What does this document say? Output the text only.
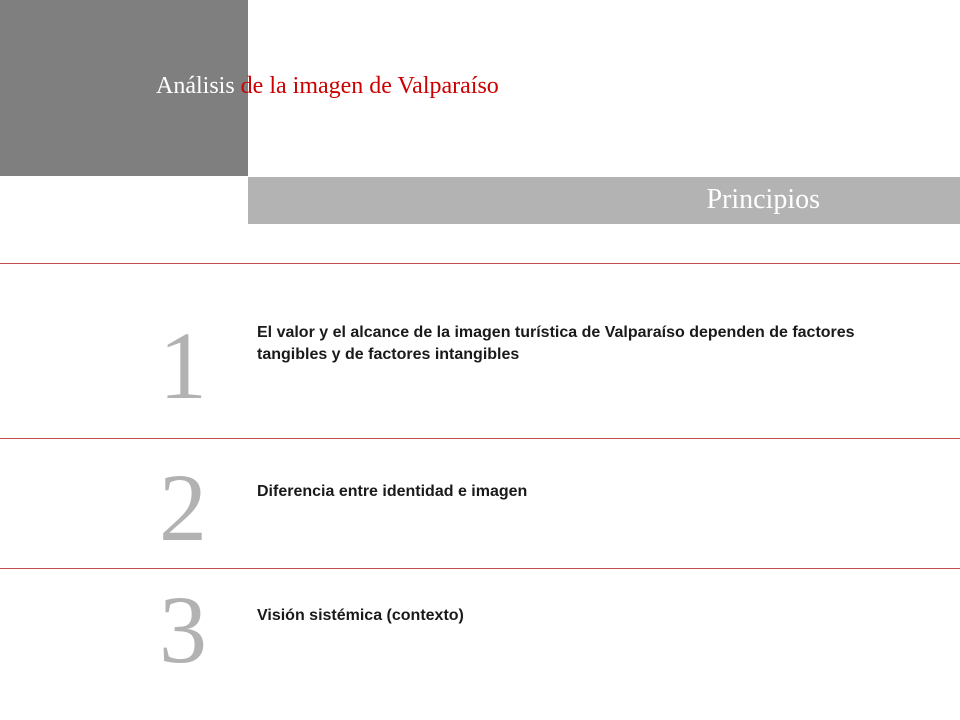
Análisis de la imagen de Valparaíso
Principios
1	El valor y el alcance de la imagen turística de Valparaíso dependen de factores tangibles y de factores intangibles
2	Diferencia entre identidad e imagen
3	Visión sistémica (contexto)
